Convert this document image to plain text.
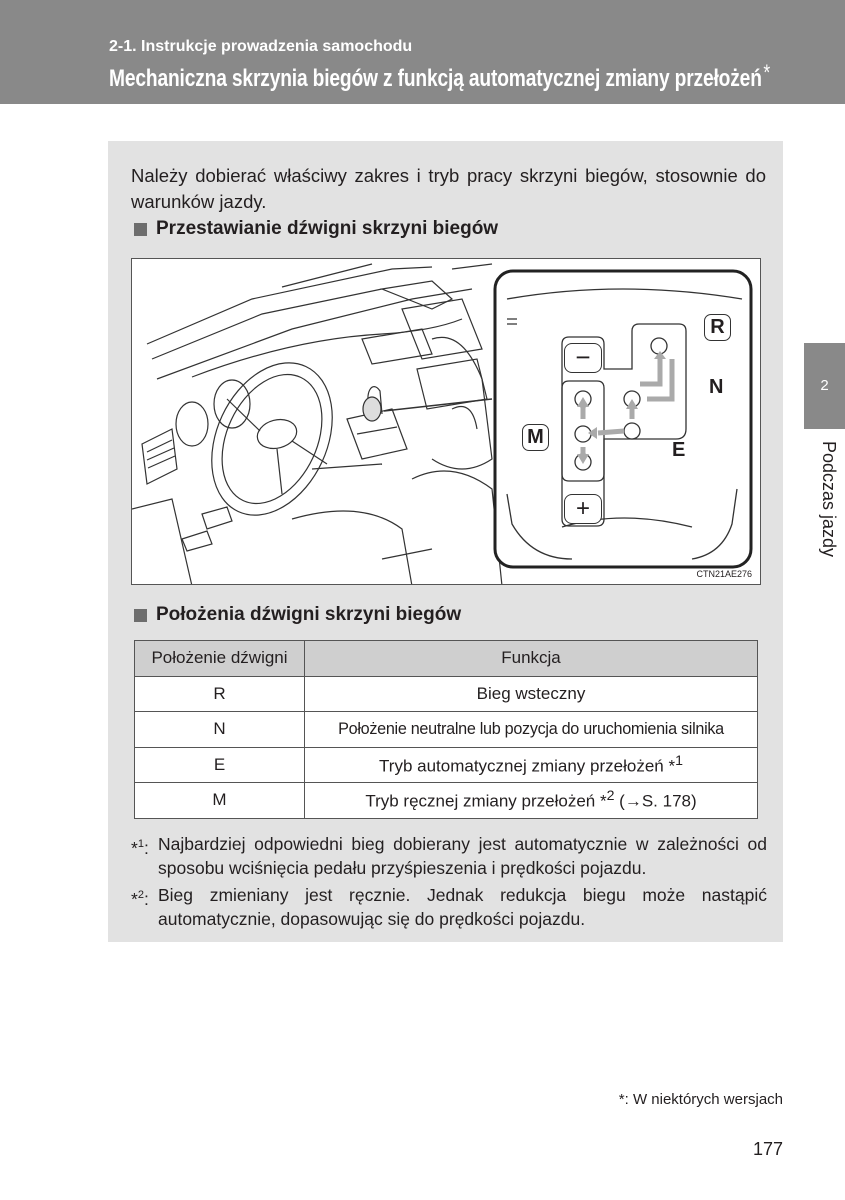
2-1. Instrukcje prowadzenia samochodu
Mechaniczna skrzynia biegów z funkcją automatycznej zmiany przełożeń*
2
Podczas jazdy

Należy dobierać właściwy zakres i tryb pracy skrzyni biegów, stosownie do warunków jazdy.

Przestawianie dźwigni skrzyni biegów
−
+
R
N
E
M
CTN21AE276
Położenia dźwigni skrzyni biegów
Położenie dźwigni	Funkcja
R	Bieg wsteczny
N	Położenie neutralne lub pozycja do uruchomienia silnika
E	Tryb automatycznej zmiany przełożeń *$^1$
M	Tryb ręcznej zmiany przełożeń *$^2$ (→S. 178)
*$^1$: Najbardziej odpowiedni bieg dobierany jest automatycznie w zależności od sposobu wciśnięcia pedału przyśpieszenia i prędkości pojazdu.
*$^2$: Bieg zmieniany jest ręcznie. Jednak redukcja biegu może nastąpić automatycznie, dopasowując się do prędkości pojazdu.
*: W niektórych wersjach
177
